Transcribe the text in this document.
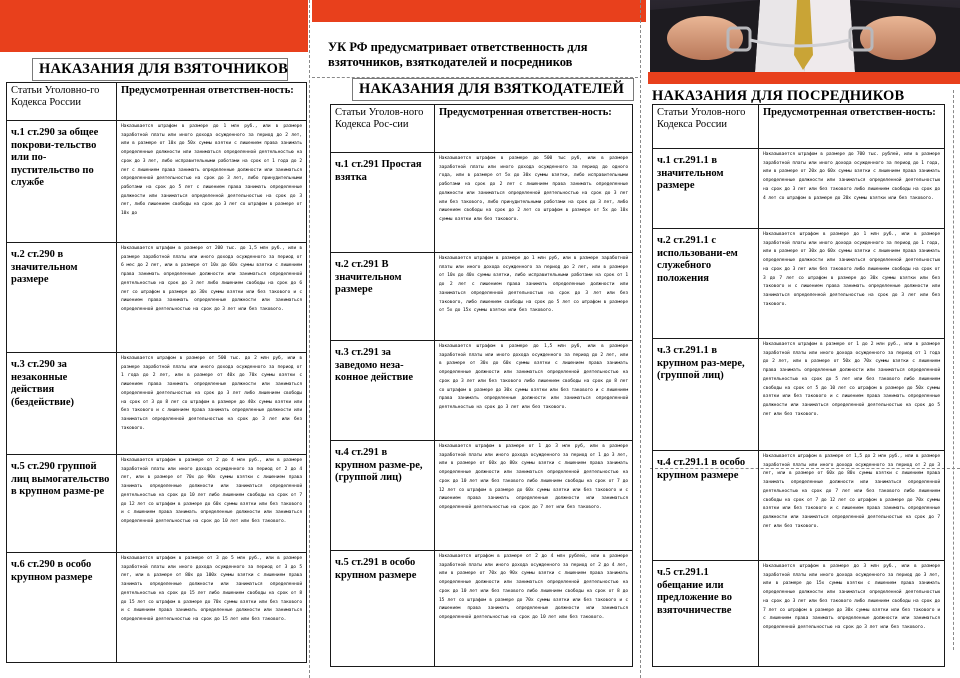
НАКАЗАНИЯ ДЛЯ ВЗЯТОЧНИКОВ
Статьи Уголовно-го Кодекса России	Предусмотренная ответствен-ность:
ч.1 ст.290 за общее покрови-тельство или по-пустительство по службе	Наказывается штрафом в размере до 1 млн руб., или в размере заработной платы или иного дохода осужденного за период до 2 лет, или в размере от 10х до 50х суммы взятки с лишением права занимать определенные должности или заниматься определенной деятельностью на срок до 3 лет, либо исправительными работами на срок от 1 года до 2 лет с лишением права занимать определенные должности или заниматься определенной деятельностью на срок до 3 лет, либо принудительными работами на срок до 5 лет с лишением права занимать определенные должности или заниматься определенной деятельностью на срок до 3 лет, либо лишением свободы на срок до 3 лет со штрафом в размере от 10х до
ч.2 ст.290 в значительном размере	Наказывается штрафом в размере от 200 тыс. до 1,5 млн руб., или в размере заработной платы или иного дохода осужденного за период от 6 мес до 2 лет, или в размере от 10х до 60х суммы взятки с лишением права занимать определенные должности или заниматься определенной деятельностью на срок до 3 лет либо лишением свободы на срок до 6 лет со штрафом в размере до 30х суммы взятки или без такового и с лишением права занимать определенные должности или заниматься определенной деятельностью на срок до 3 лет или без такового.
ч.3 ст.290 за незаконные действия (бездействие)	Наказывается штрафом в размере от 500 тыс. до 2 млн руб, или в размере заработной платы или иного дохода осужденного за период от 1 года до 2 лет, или в размере от 40х до 70х суммы взятки с лишением права занимать определенные должности или заниматься определенной деятельностью на срок до 3 лет либо лишением свободы на срок от 3 до 8 лет со штрафом в размере до 40х суммы взятки или без такового и с лишением права занимать определенные должности или заниматься определенной деятельностью на срок до 3 лет или без такового.
ч.5 ст.290 группой лиц вымогательство в крупном разме-ре	Наказывается штрафом в размере от 2 до 4 млн руб., или в размере заработной платы или иного дохода осужденного за период от 2 до 4 лет, или в размере от 70х до 90х суммы взятки с лишением права занимать определенные должности или заниматься определенной деятельностью на срок до 10 лет либо лишением свободы на срок от 7 до 12 лет со штрафом в размере до 60х суммы взятки или без такового и с лишением права занимать определенные должности или заниматься определенной деятельностью на срок до 10 лет или без такового.
ч.6 ст.290 в особо крупном размере	Наказывается штрафом в размере от 3 до 5 млн руб., или в размере заработной платы или иного дохода осужденного за период от 3 до 5 лет, или в размере от 80х до 100х суммы взятки с лишением права занимать определенные должности или заниматься определенной деятельностью на срок до 15 лет либо лишением свободы на срок от 8 до 15 лет со штрафом в размере до 70х суммы взятки или без такового и с лишением права занимать определенные должности или заниматься определенной деятельностью на срок до 15 лет или без такового.
УК РФ предусматривает ответственность для взяточников, взяткодателей и посредников
НАКАЗАНИЯ ДЛЯ ВЗЯТКОДАТЕЛЕЙ
Статьи Уголов-ного Кодекса Рос-сии	Предусмотренная ответствен-ность:
ч.1 ст.291 Простая взятка	Наказывается штрафом в размере до 500 тыс руб, или в размере заработной платы или иного дохода осужденного за период до одного года, или в размере от 5х до 30х суммы взятки, либо исправительными работами на срок до 2 лет с лишением права занимать определенные должности или заниматься определенной деятельностью на срок до 3 лет или без такового, либо принудительными работами на срок до 3 лет, либо лишением свободы на срок до 2 лет со штрафом в размере от 5х до 10х суммы взятки или без такового.
ч.2 ст.291 В значительном размере	Наказывается штрафом в размере до 1 млн руб, или в размере заработной платы или иного дохода осужденного за период до 2 лет, или в размере от 10х до 40х суммы взятки, либо исправительными работами на срок от 1 до 2 лет с лишением права занимать определенные должности или заниматься определенной деятельностью на срок до 3 лет или без такового, либо лишением свободы на срок до 5 лет со штрафом в размере от 5х до 15х суммы взятки или без такового.
ч.3 ст.291 за заведомо неза-конное действие	Наказывается штрафом в размере до 1,5 млн руб, или в размере заработной платы или иного дохода осужденного за период до 2 лет, или в размере от 30х до 60х суммы взятки с лишением права занимать определенные должности или заниматься определенной деятельностью на срок до 3 лет или без такового либо лишением свободы на срок до 8 лет со штрафом в размере до 30х суммы взятки или без такового и с лишением права занимать определенные должности или заниматься определенной деятельностью на срок до 3 лет или без такового.
ч.4 ст.291 в крупном разме-ре, (группой лиц)	Наказывается штрафом в размере от 1 до 3 млн руб, или в размере заработной платы или иного дохода осужденного за период от 1 до 3 лет, или в размере от 60х до 80х суммы взятки с лишением права занимать определенные должности или заниматься определенной деятельностью на срок до 10 лет или без такового либо лишением свободы на срок от 7 до 12 лет со штрафом в размере до 60х суммы взятки или без такового и с лишением права занимать определенные должности или заниматься определенной деятельностью на срок до 7 лет или без такового.
ч.5 ст.291 в особо крупном размере	Наказывается штрафом в размере от 2 до 4 млн рублей, или в размере заработной платы или иного дохода осужденного за период от 2 до 4 лет, или в размере от 70х до 90х суммы взятки с лишением права занимать определенные должности или заниматься определенной деятельностью на срок до 10 лет или без такового либо лишением свободы на срок от 8 до 15 лет со штрафом в размере до 70х суммы взятки или без такового и с лишением права занимать определенные должности или заниматься определенной деятельностью на срок до 10 лет или без такового.
НАКАЗАНИЯ ДЛЯ ПОСРЕДНИКОВ
Статьи Уголов-ного Кодекса России	Предусмотренная ответствен-ность:
ч.1 ст.291.1 в значительном размере	Наказывается штрафом в размере до 700 тыс. рублей, или в размере заработной платы или иного дохода осужденного за период до 1 года, или в размере от 20х до 60х суммы взятки с лишением права занимать определенные должности или заниматься определенной деятельностью на срок до 3 лет или без такового либо лишением свободы на срок до 4 лет со штрафом в размере до 20х суммы взятки или без такового.
ч.2 ст.291.1 с использовани-ем служебного положения	Наказывается штрафом в размере до 1 млн руб., или в размере заработной платы или иного дохода осужденного за период до 1 года, или в размере от 30х до 60х суммы взятки с лишением права занимать определенные должности или заниматься определенной деятельностью на срок до 3 лет или без такового либо лишением свободы на срок от 3 до 7 лет со штрафом в размере до 30х суммы взятки или без такового и с лишением права занимать определенные должности или заниматься определенной деятельностью на срок до 3 лет или без такового.
ч.3 ст.291.1 в крупном раз-мере, (группой лиц)	Наказывается штрафом в размере от 1 до 2 млн руб., или в размере заработной платы или иного дохода осужденного за период от 1 года до 2 лет, или в размере от 50х до 70х суммы взятки с лишением права занимать определенные должности или заниматься определенной деятельностью на срок до 5 лет или без такового либо лишением свободы на срок от 5 до 10 лет со штрафом в размере до 50х суммы взятки или без такового и с лишением права занимать определенные должности или заниматься определенной деятельностью на срок до 5 лет или без такового.
ч.4 ст.291.1 в особо крупном размере	Наказывается штрафом в размере от 1,5 до 2 млн руб., или в размере заработной платы или иного дохода осужденного за период от 2 до 3 лет, или в размере от 60х до 80х суммы взятки с лишением права занимать определенные должности или заниматься определенной деятельностью на срок до 7 лет или без такового либо лишением свободы на срок от 7 до 12 лет со штрафом в размере до 70х суммы взятки или без такового и с лишением права занимать определенные должности или заниматься определенной деятельностью на срок до 7 лет или без такового.
ч.5 ст.291.1 обещание или предложение во взяточничестве	Наказывается штрафом в размере до 3 млн руб., или в размере заработной платы или иного дохода осужденного за период до 3 лет, или в размере до 15х суммы взятки с лишением права занимать определенные должности или заниматься определенной деятельностью на срок до 3 лет или без такового либо лишением свободы на срок до 7 лет со штрафом в размере до 30х суммы взятки или без такового и с лишением права занимать определенные должности или заниматься определенной деятельностью на срок до 3 лет или без такового.
